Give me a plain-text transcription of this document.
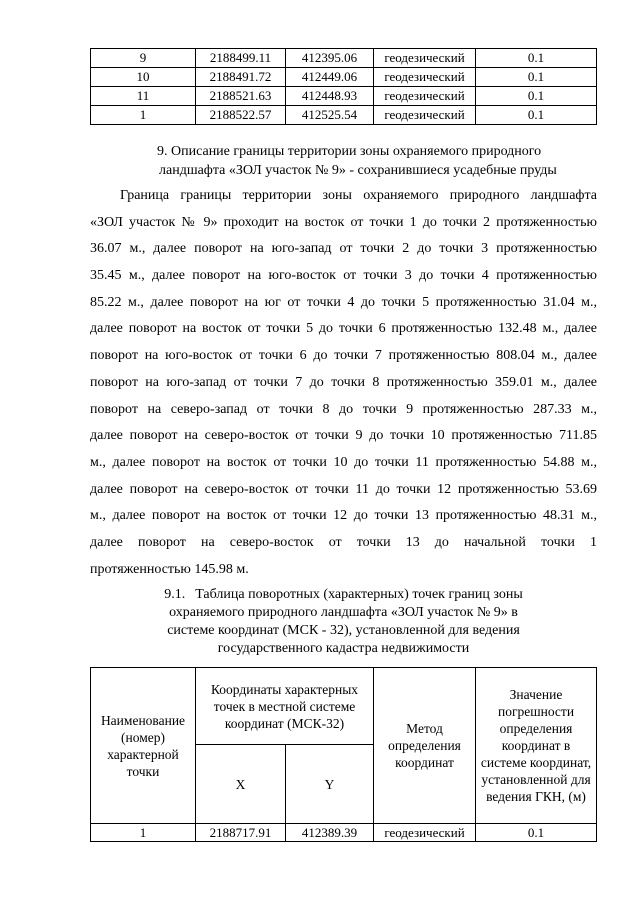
9	2188499.11	412395.06	геодезический	0.1
10	2188491.72	412449.06	геодезический	0.1
11	2188521.63	412448.93	геодезический	0.1
1	2188522.57	412525.54	геодезический	0.1
9. Описание границы территории зоны охраняемого природного
ландшафта «ЗОЛ участок № 9» - сохранившиеся усадебные пруды
Граница границы территории зоны охраняемого природного ландшафта
«ЗОЛ участок № 9» проходит на восток от точки 1 до точки 2 протяженностью
36.07 м., далее поворот на юго-запад от точки 2 до точки 3 протяженностью
35.45 м., далее поворот на юго-восток от точки 3 до точки 4 протяженностью
85.22 м., далее поворот на юг от точки 4 до точки 5 протяженностью 31.04 м.,
далее поворот на восток от точки 5 до точки 6 протяженностью 132.48 м., далее
поворот на юго-восток от точки 6 до точки 7 протяженностью 808.04 м., далее
поворот на юго-запад от точки 7 до точки 8 протяженностью 359.01 м., далее
поворот на северо-запад от точки 8 до точки 9 протяженностью 287.33 м.,
далее поворот на северо-восток от точки 9 до точки 10 протяженностью 711.85
м., далее поворот на восток от точки 10 до точки 11 протяженностью 54.88 м.,
далее поворот на северо-восток от точки 11 до точки 12 протяженностью 53.69
м., далее поворот на восток от точки 12 до точки 13 протяженностью 48.31 м.,
далее поворот на северо-восток от точки 13 до начальной точки 1
протяженностью 145.98 м.
9.1. Таблица поворотных (характерных) точек границ зоны
охраняемого природного ландшафта «ЗОЛ участок № 9» в
системе координат (МСК - 32), установленной для ведения
государственного кадастра недвижимости
Наименование (номер) характерной точки	Координаты характерных точек в местной системе координат (МСК-32)		Метод определения координат	Значение погрешности определения координат в системе координат, установленной для ведения ГКН, (м)
	X	Y		
1	2188717.91	412389.39	геодезический	0.1
